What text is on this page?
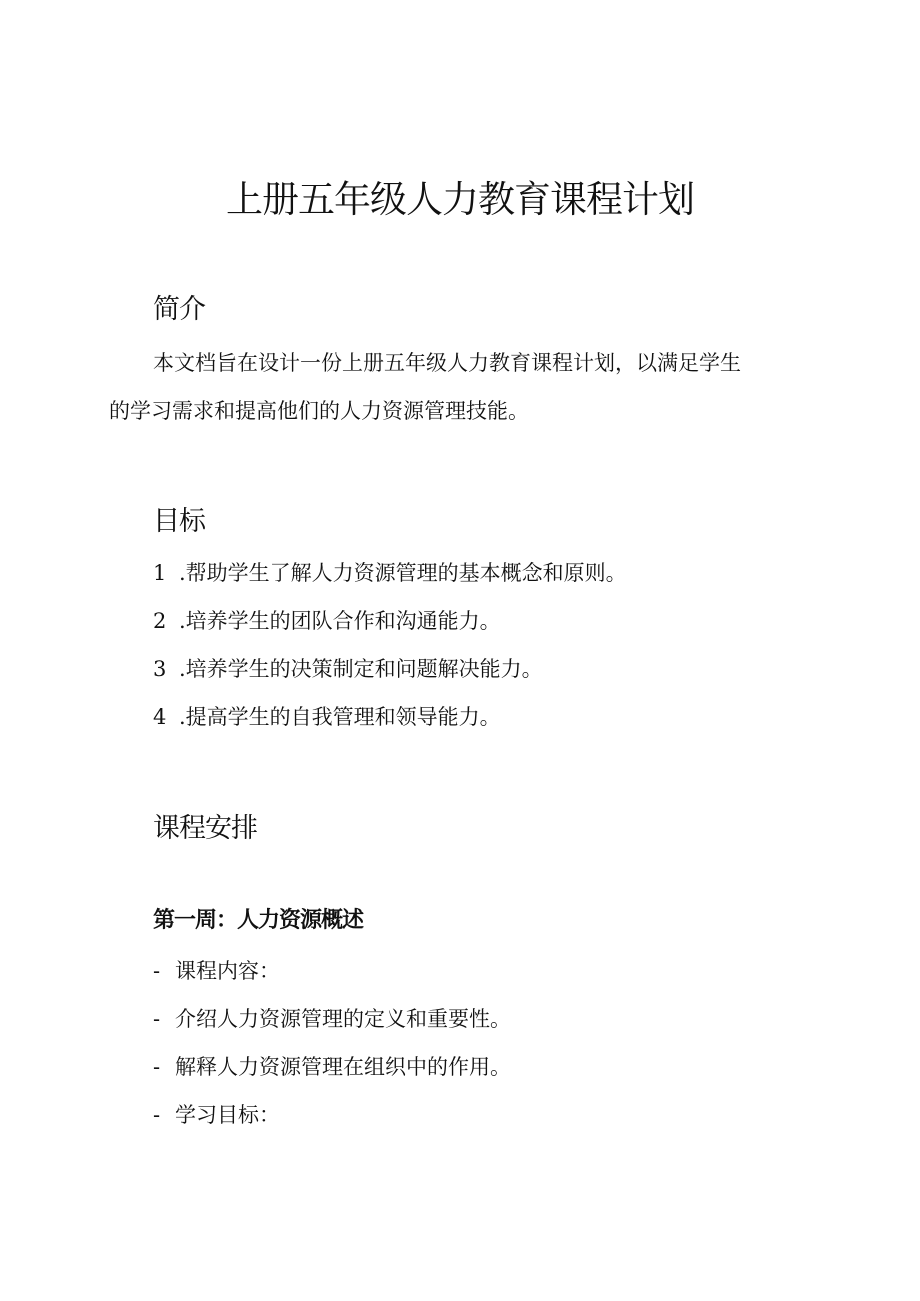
上册五年级人力教育课程计划
简介
本文档旨在设计一份上册五年级人力教育课程计划，以满足学生
的学习需求和提高他们的人力资源管理技能。
目标
1 .帮助学生了解人力资源管理的基本概念和原则。
2 .培养学生的团队合作和沟通能力。
3 .培养学生的决策制定和问题解决能力。
4 .提高学生的自我管理和领导能力。
课程安排
第一周：人力资源概述
- 课程内容：
- 介绍人力资源管理的定义和重要性。
- 解释人力资源管理在组织中的作用。
- 学习目标：
